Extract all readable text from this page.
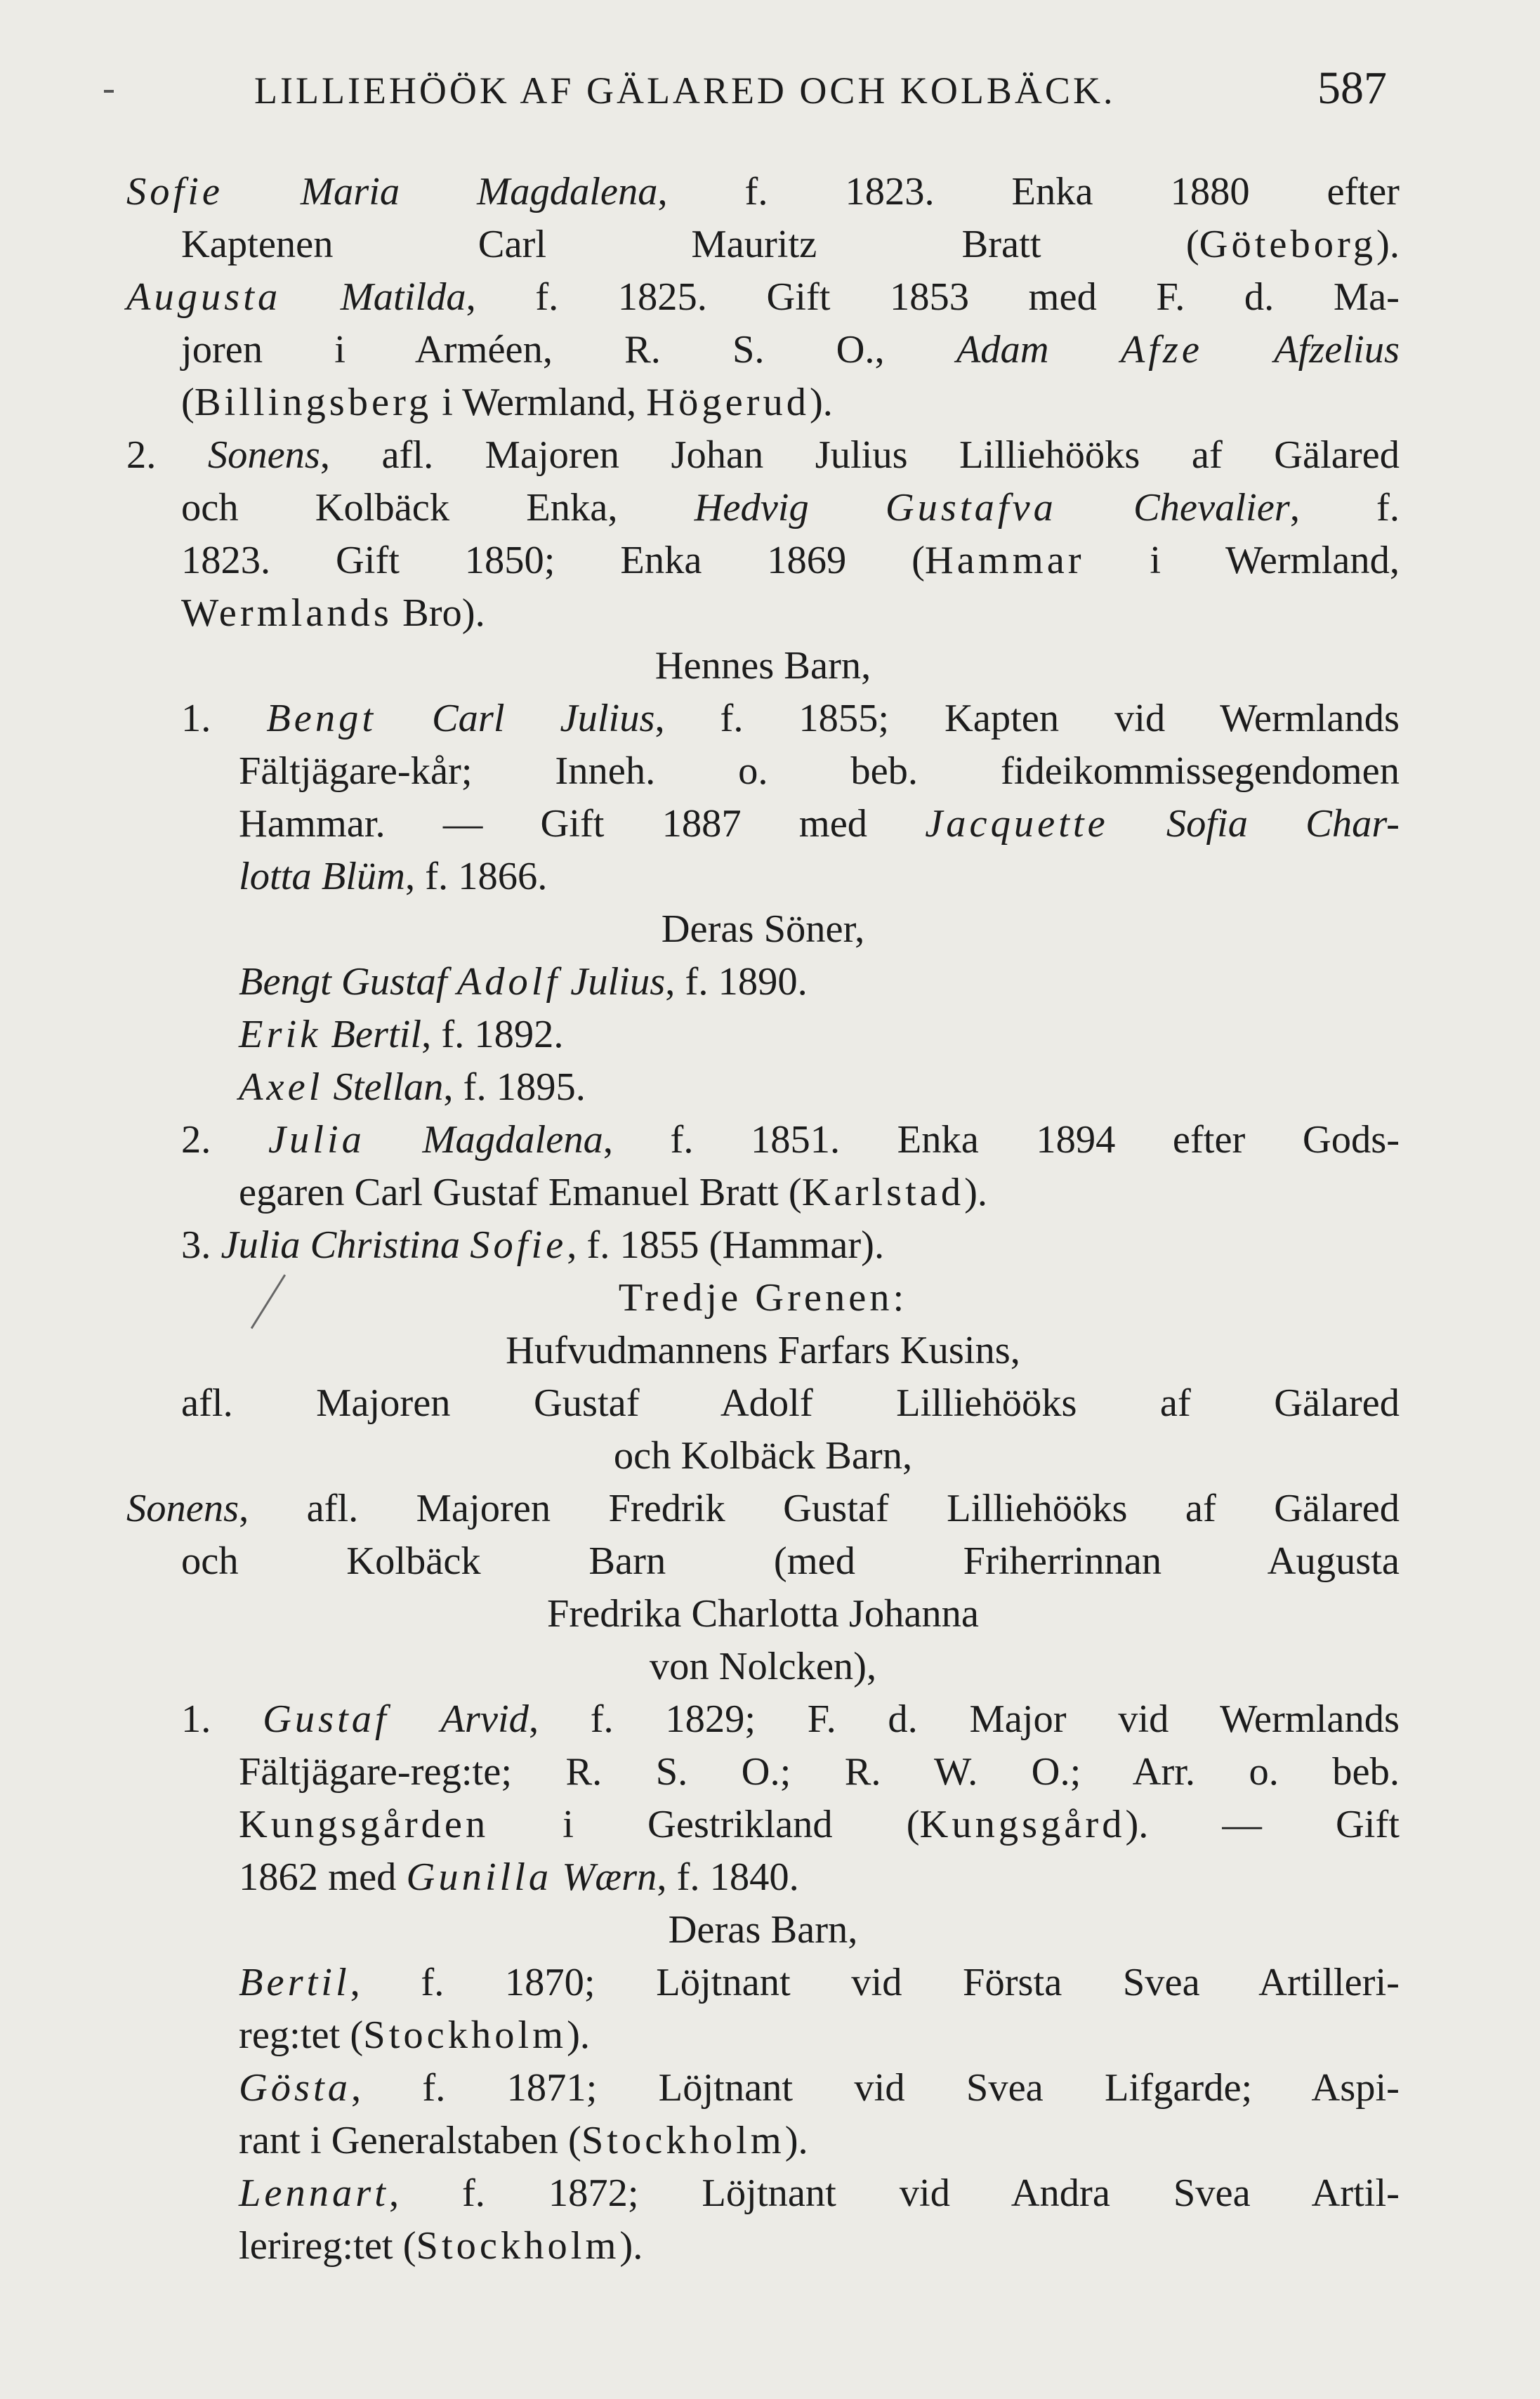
LILLIEHÖÖK AF GÄLARED OCH KOLBÄCK.	587
Sofie Maria Magdalena, f. 1823. Enka 1880 efter
Kaptenen Carl Mauritz Bratt (Göteborg).
Augusta Matilda, f. 1825. Gift 1853 med F. d. Ma-
joren i Arméen, R. S. O., Adam Afze Afzelius
(Billingsberg i Wermland, Högerud).
2. Sonens, afl. Majoren Johan Julius Lilliehööks af Gälared
och Kolbäck Enka, Hedvig Gustafva Chevalier, f.
1823. Gift 1850; Enka 1869 (Hammar i Wermland,
Wermlands Bro).
Hennes Barn,
1. Bengt Carl Julius, f. 1855; Kapten vid Wermlands
Fältjägare-kår; Inneh. o. beb. fideikommissegendomen
Hammar. — Gift 1887 med Jacquette Sofia Char-
lotta Blüm, f. 1866.
Deras Söner,
Bengt Gustaf Adolf Julius, f. 1890.
Erik Bertil, f. 1892.
Axel Stellan, f. 1895.
2. Julia Magdalena, f. 1851. Enka 1894 efter Gods-
egaren Carl Gustaf Emanuel Bratt (Karlstad).
3. Julia Christina Sofie, f. 1855 (Hammar).
Tredje Grenen:
Hufvudmannens Farfars Kusins,
afl. Majoren Gustaf Adolf Lilliehööks af Gälared
och Kolbäck Barn,
Sonens, afl. Majoren Fredrik Gustaf Lilliehööks af Gälared
och Kolbäck Barn (med Friherrinnan Augusta
Fredrika Charlotta Johanna
von Nolcken),
1. Gustaf Arvid, f. 1829; F. d. Major vid Wermlands
Fältjägare-reg:te; R. S. O.; R. W. O.; Arr. o. beb.
Kungsgården i Gestrikland (Kungsgård). — Gift
1862 med Gunilla Wærn, f. 1840.
Deras Barn,
Bertil, f. 1870; Löjtnant vid Första Svea Artilleri-
reg:tet (Stockholm).
Gösta, f. 1871; Löjtnant vid Svea Lifgarde; Aspi-
rant i Generalstaben (Stockholm).
Lennart, f. 1872; Löjtnant vid Andra Svea Artil-
lerireg:tet (Stockholm).
